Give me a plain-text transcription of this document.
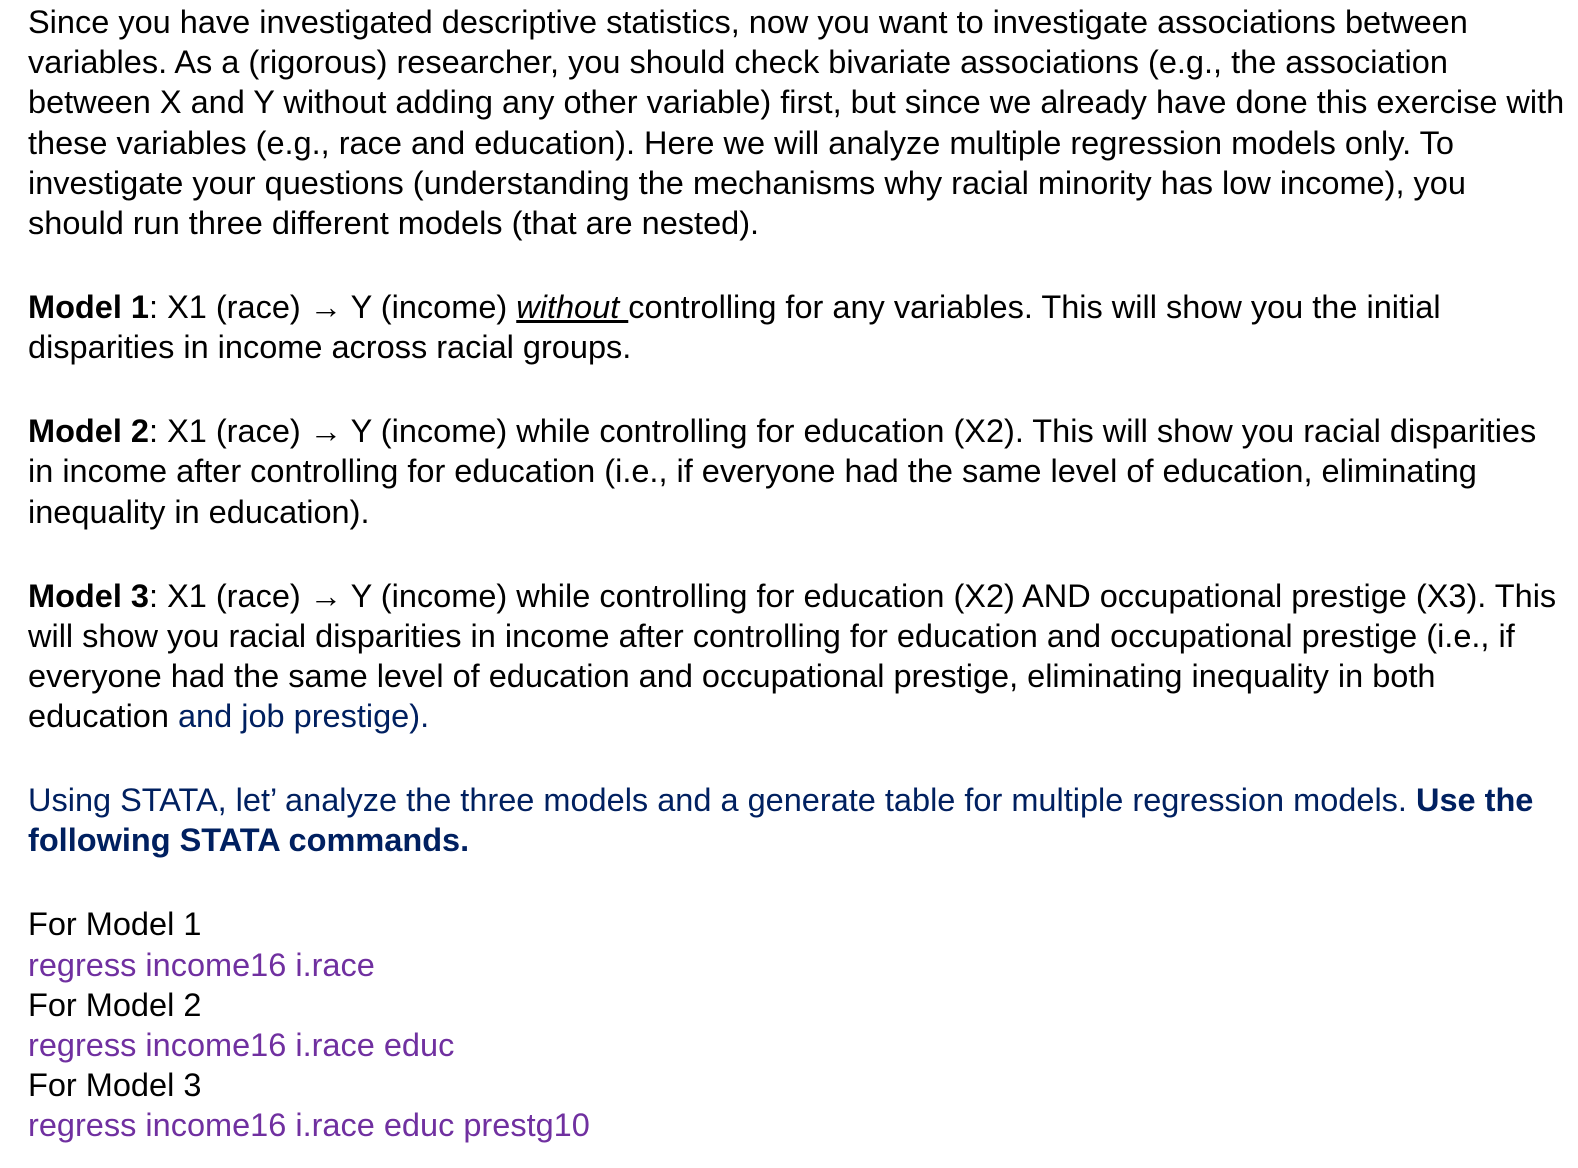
Since you have investigated descriptive statistics, now you want to investigate associations between variables. As a (rigorous) researcher, you should check bivariate associations (e.g., the association between X and Y without adding any other variable) first, but since we already have done this exercise with these variables (e.g., race and education). Here we will analyze multiple regression models only. To investigate your questions (understanding the mechanisms why racial minority has low income), you should run three different models (that are nested).

Model 1: X1 (race) → Y (income) without controlling for any variables. This will show you the initial disparities in income across racial groups.

Model 2: X1 (race) → Y (income) while controlling for education (X2). This will show you racial disparities in income after controlling for education (i.e., if everyone had the same level of education, eliminating inequality in education).

Model 3: X1 (race) → Y (income) while controlling for education (X2) AND occupational prestige (X3). This will show you racial disparities in income after controlling for education and occupational prestige (i.e., if everyone had the same level of education and occupational prestige, eliminating inequality in both education and job prestige).

Using STATA, let’ analyze the three models and a generate table for multiple regression models. Use the following STATA commands.

For Model 1

regress income16 i.race

For Model 2

regress income16 i.race educ

For Model 3

regress income16 i.race educ prestg10
